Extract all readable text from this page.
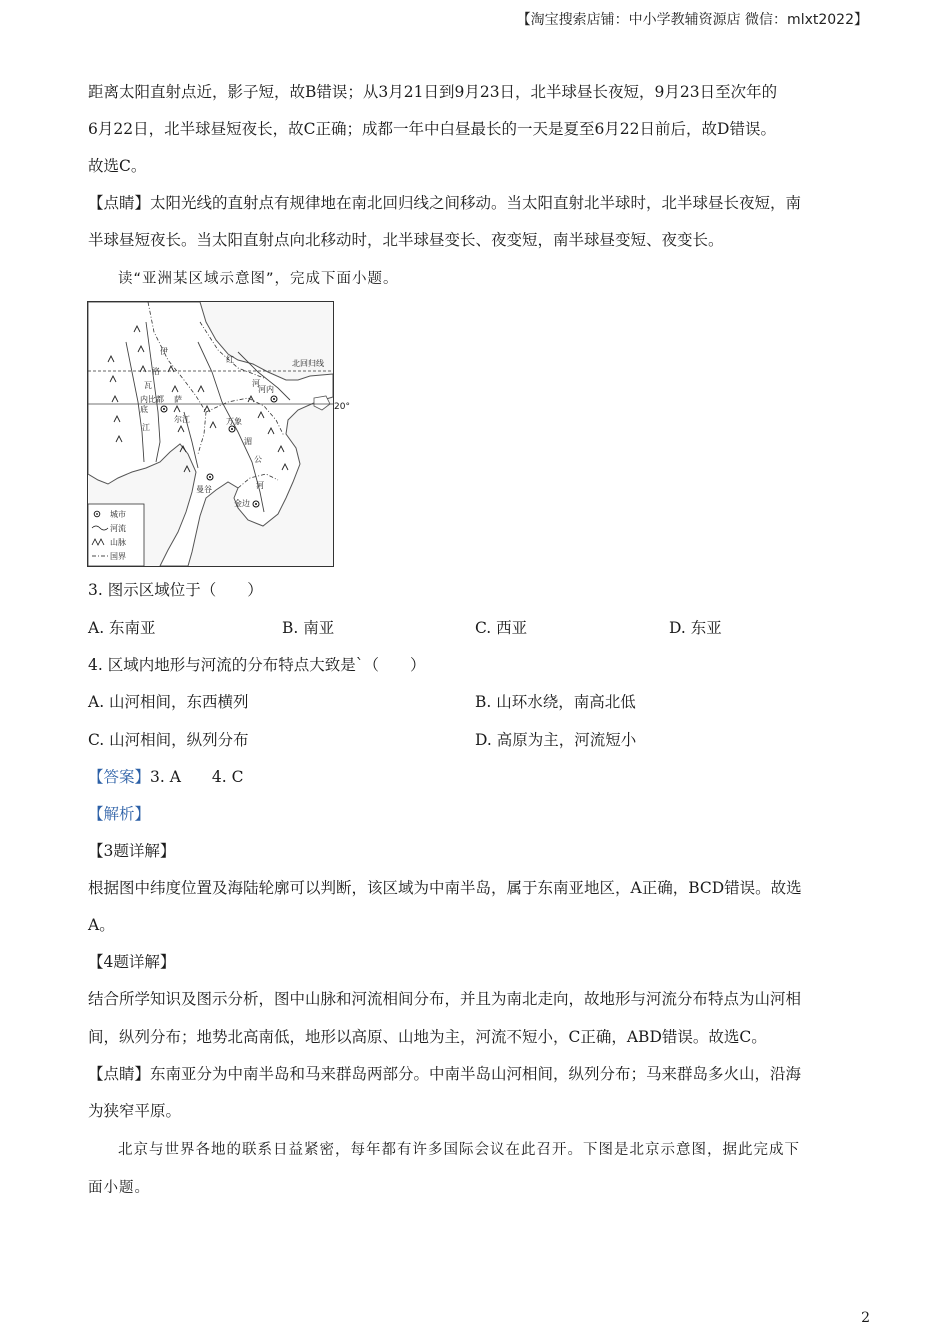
【淘宝搜索店铺：中小学教辅资源店 微信：mlxt2022】
距离太阳直射点近，影子短，故B错误；从3月21日到9月23日，北半球昼长夜短，9月23日至次年的
6月22日，北半球昼短夜长，故C正确；成都一年中白昼最长的一天是夏至6月22日前后，故D错误。
故选C。
【点睛】太阳光线的直射点有规律地在南北回归线之间移动。当太阳直射北半球时，北半球昼长夜短，南
半球昼短夜长。当太阳直射点向北移动时，北半球昼变长、夜变短，南半球昼变短、夜变长。
读“亚洲某区域示意图”，完成下面小题。
北回归线
伊
洛
瓦
底
江
红
河
内比都 萨
尔江	万象
河内
湄
公
河
曼谷
金边
城市
河流
山脉
国界
20°
3. 图示区域位于（　　）
A. 东南亚	B. 南亚	C. 西亚	D. 东亚
4. 区域内地形与河流的分布特点大致是`（　　）
A. 山河相间，东西横列	B. 山环水绕，南高北低
C. 山河相间，纵列分布	D. 高原为主，河流短小
【答案】3. A　　4. C
【解析】
【3题详解】
根据图中纬度位置及海陆轮廓可以判断，该区域为中南半岛，属于东南亚地区，A正确，BCD错误。故选
A。
【4题详解】
结合所学知识及图示分析，图中山脉和河流相间分布，并且为南北走向，故地形与河流分布特点为山河相
间，纵列分布；地势北高南低，地形以高原、山地为主，河流不短小，C正确，ABD错误。故选C。
【点睛】东南亚分为中南半岛和马来群岛两部分。中南半岛山河相间，纵列分布；马来群岛多火山，沿海
为狭窄平原。
北京与世界各地的联系日益紧密，每年都有许多国际会议在此召开。下图是北京示意图，据此完成下
面小题。
2
